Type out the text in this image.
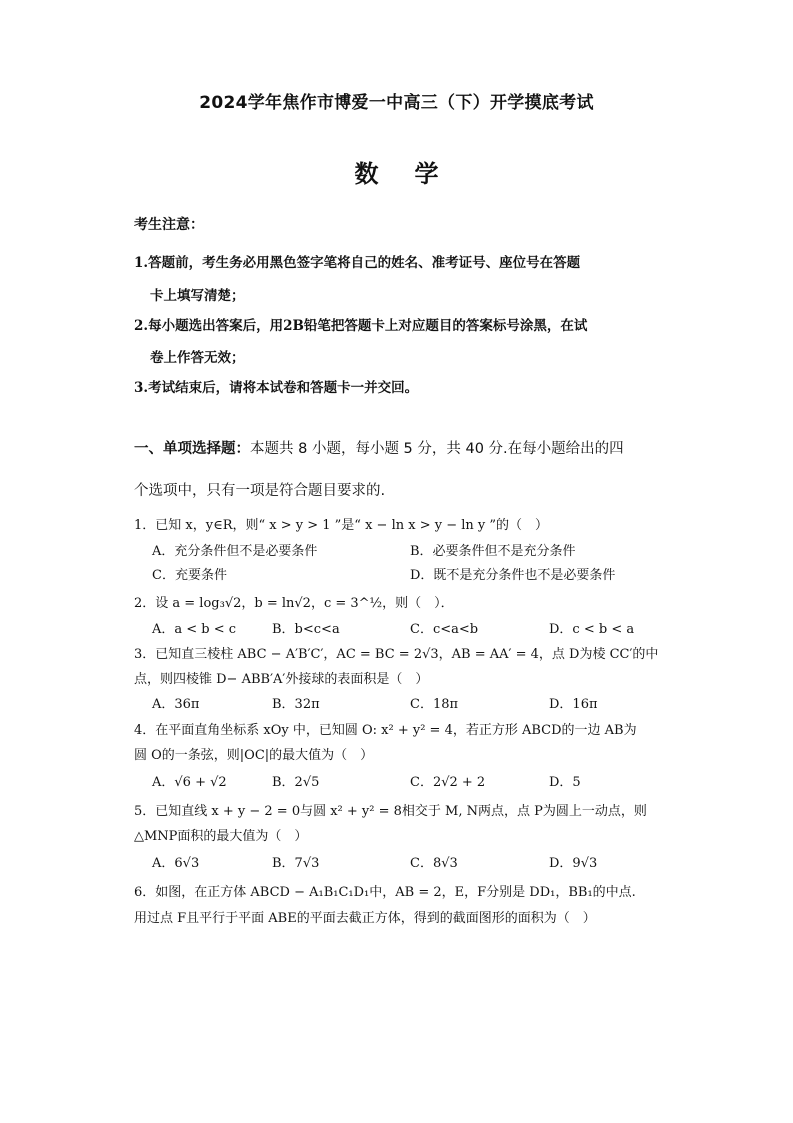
2024学年焦作市博爱一中高三（下）开学摸底考试
数学
考生注意：
1.答题前，考生务必用黑色签字笔将自己的姓名、准考证号、座位号在答题
卡上填写清楚；
2.每小题选出答案后，用2B铅笔把答题卡上对应题目的答案标号涂黑，在试
卷上作答无效；
3.考试结束后，请将本试卷和答题卡一并交回。
一、单项选择题：本题共 8 小题，每小题 5 分，共 40 分.在每小题给出的四
个选项中，只有一项是符合题目要求的.
1．已知 x，y∈R，则“ x > y > 1 ”是“ x − ln x > y − ln y ”的（　）
A．充分条件但不是必要条件	B．必要条件但不是充分条件
C．充要条件	D．既不是充分条件也不是必要条件
2．设 a = log₃√2，b = ln√2，c = 3^½，则（　）．
A．a < b < c	B．b<c<a	C．c<a<b	D．c < b < a
3．已知直三棱柱 ABC − A′B′C′，AC = BC = 2√3，AB = AA′ = 4，点 D为棱 CC′的中
点，则四棱锥 D− ABB′A′外接球的表面积是（　）
A．36π	B．32π	C．18π	D．16π
4．在平面直角坐标系 xOy 中，已知圆 O: x² + y² = 4，若正方形 ABCD的一边 AB为
圆 O的一条弦，则|OC|的最大值为（　）
A．√6 + √2	B．2√5	C．2√2 + 2	D．5
5．已知直线 x + y − 2 = 0与圆 x² + y² = 8相交于 M, N两点，点 P为圆上一动点，则
△MNP面积的最大值为（　）
A．6√3	B．7√3	C．8√3	D．9√3
6．如图，在正方体 ABCD − A₁B₁C₁D₁中，AB = 2，E，F分别是 DD₁，BB₁的中点.
用过点 F且平行于平面 ABE的平面去截正方体，得到的截面图形的面积为（　）
